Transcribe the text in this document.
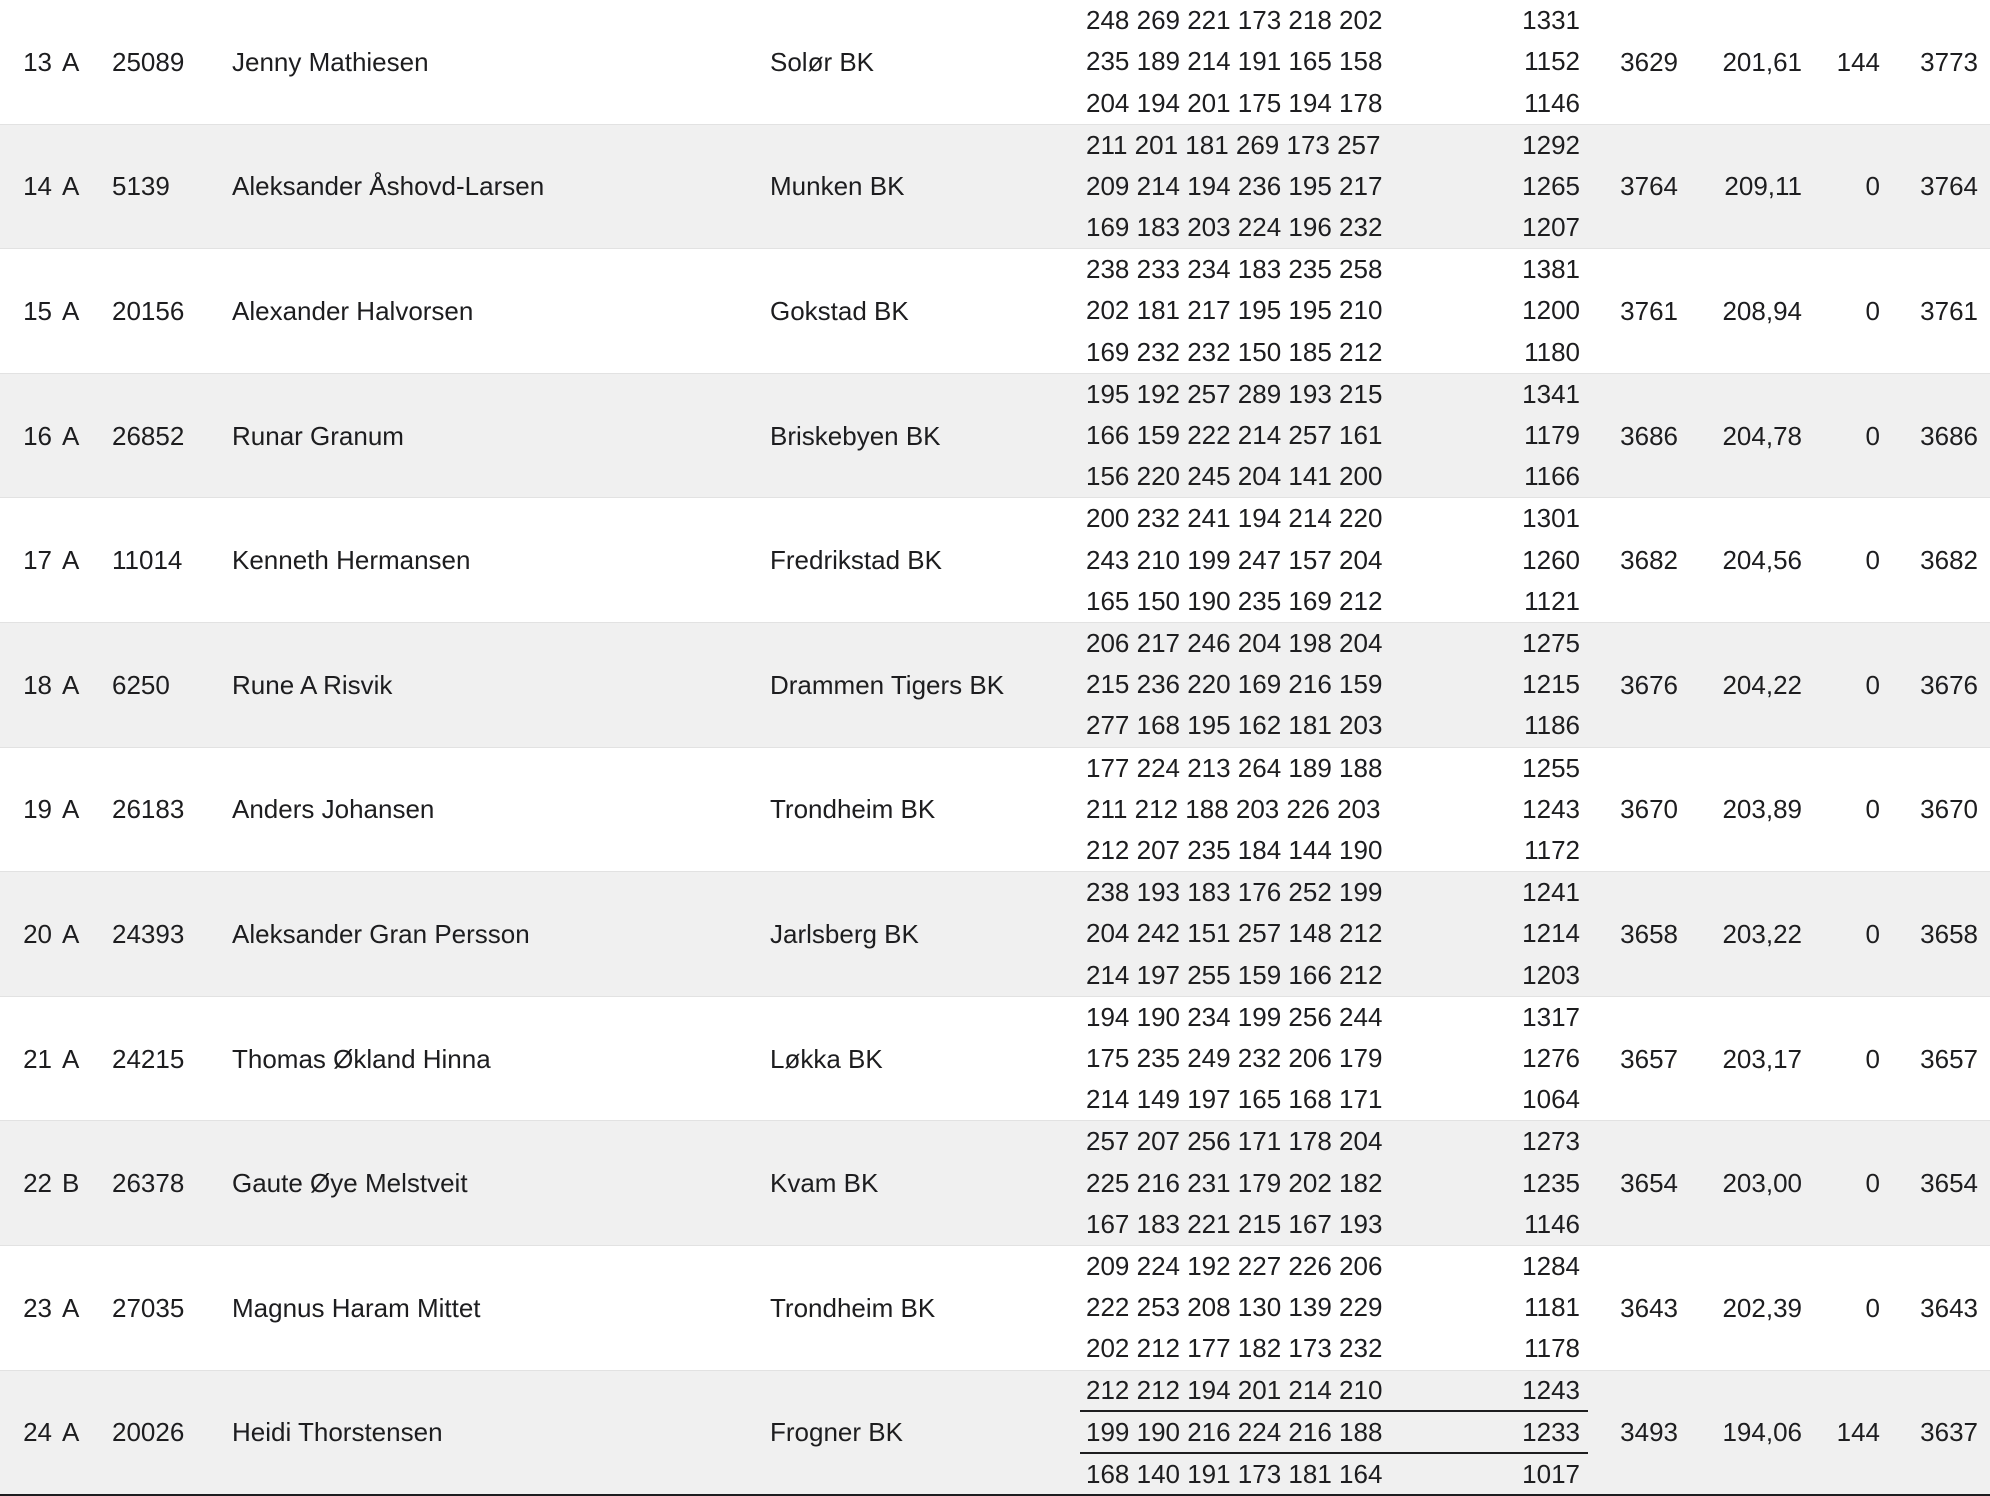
13 A	25089	Jenny Mathiesen	Solør BK
248 269 221 173 218 202	1331
235 189 214 191 165 158	1152
204 194 201 175 194 178	1146
3629	201,61	144	3773
14 A	5139	Aleksander Åshovd-Larsen	Munken BK
211 201 181 269 173 257	1292
209 214 194 236 195 217	1265
169 183 203 224 196 232	1207
3764	209,11	0	3764
15 A	20156	Alexander Halvorsen	Gokstad BK
238 233 234 183 235 258	1381
202 181 217 195 195 210	1200
169 232 232 150 185 212	1180
3761	208,94	0	3761
16 A	26852	Runar Granum	Briskebyen BK
195 192 257 289 193 215	1341
166 159 222 214 257 161	1179
156 220 245 204 141 200	1166
3686	204,78	0	3686
17 A	11014	Kenneth Hermansen	Fredrikstad BK
200 232 241 194 214 220	1301
243 210 199 247 157 204	1260
165 150 190 235 169 212	1121
3682	204,56	0	3682
18 A	6250	Rune A Risvik	Drammen Tigers BK
206 217 246 204 198 204	1275
215 236 220 169 216 159	1215
277 168 195 162 181 203	1186
3676	204,22	0	3676
19 A	26183	Anders Johansen	Trondheim BK
177 224 213 264 189 188	1255
211 212 188 203 226 203	1243
212 207 235 184 144 190	1172
3670	203,89	0	3670
20 A	24393	Aleksander Gran Persson	Jarlsberg BK
238 193 183 176 252 199	1241
204 242 151 257 148 212	1214
214 197 255 159 166 212	1203
3658	203,22	0	3658
21 A	24215	Thomas Økland Hinna	Løkka BK
194 190 234 199 256 244	1317
175 235 249 232 206 179	1276
214 149 197 165 168 171	1064
3657	203,17	0	3657
22 B	26378	Gaute Øye Melstveit	Kvam BK
257 207 256 171 178 204	1273
225 216 231 179 202 182	1235
167 183 221 215 167 193	1146
3654	203,00	0	3654
23 A	27035	Magnus Haram Mittet	Trondheim BK
209 224 192 227 226 206	1284
222 253 208 130 139 229	1181
202 212 177 182 173 232	1178
3643	202,39	0	3643
24 A	20026	Heidi Thorstensen	Frogner BK
212 212 194 201 214 210	1243
199 190 216 224 216 188	1233
168 140 191 173 181 164	1017
3493	194,06	144	3637
